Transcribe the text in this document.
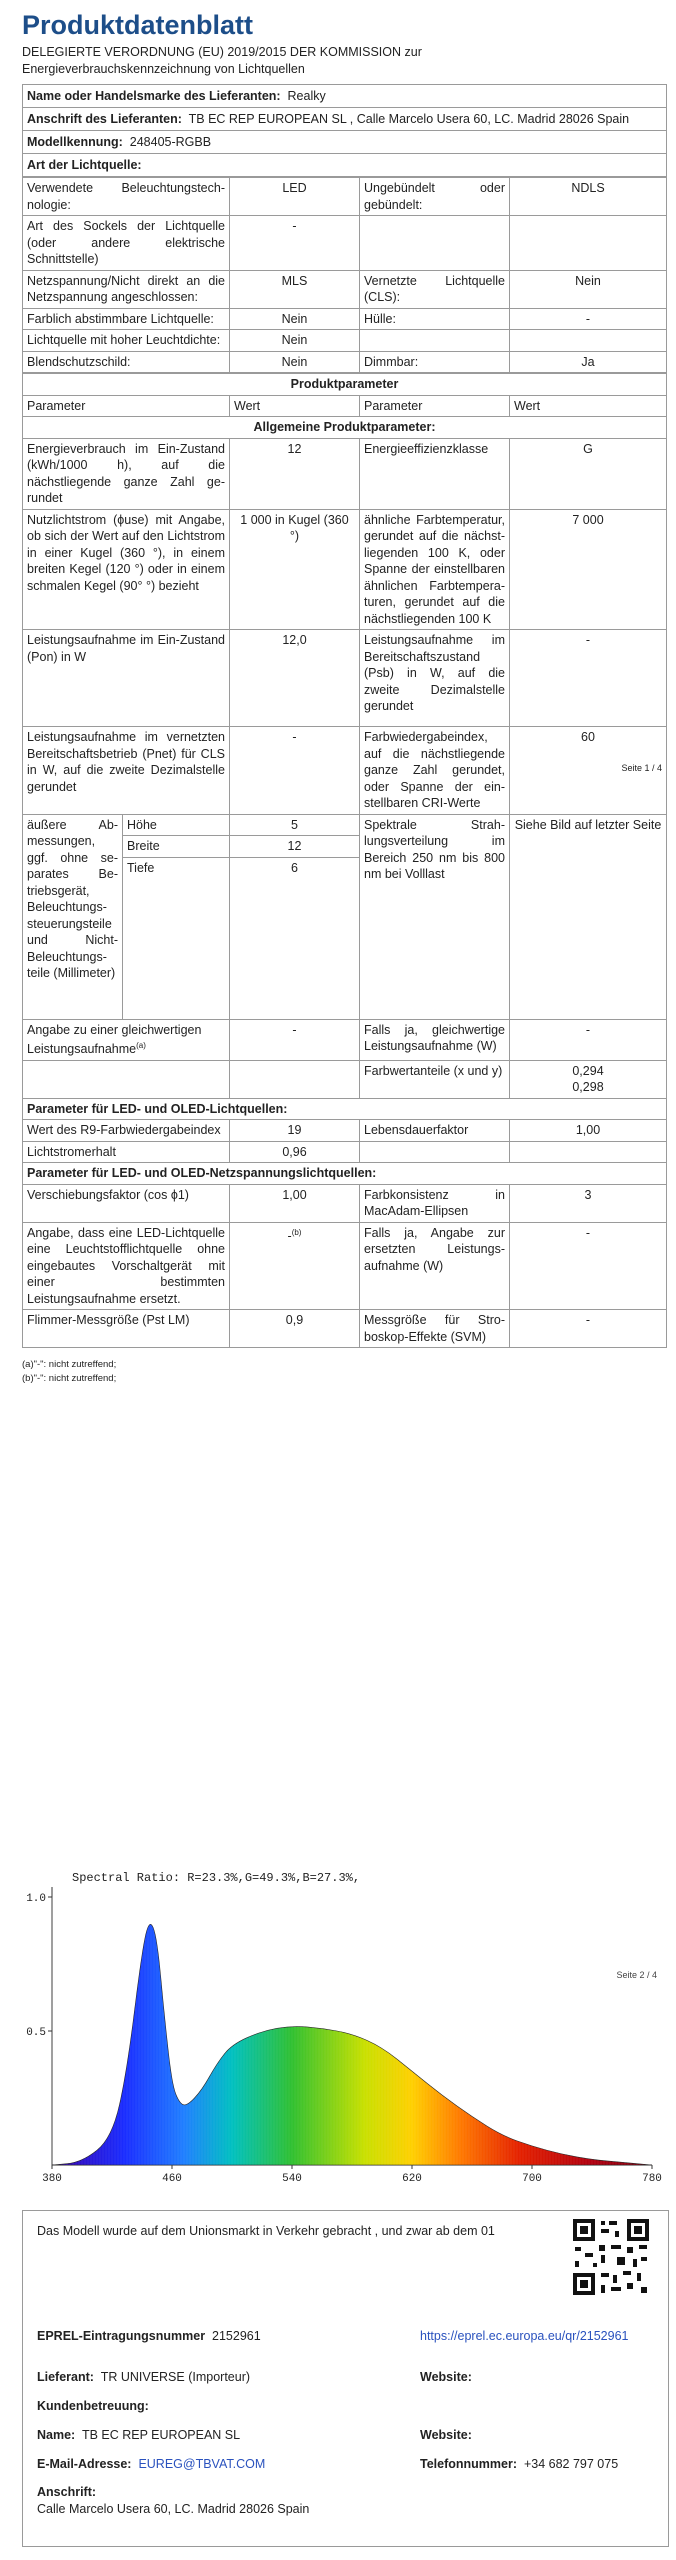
Produktdatenblatt
DELEGIERTE VERORDNUNG (EU) 2019/2015 DER KOMMISSION zur Energieverbrauchskennzeichnung von Lichtquellen
Name oder Handelsmarke des Lieferanten: Realky
Anschrift des Lieferanten: TB EC REP EUROPEAN SL , Calle Marcelo Usera 60, LC. Madrid 28026 Spain
Modellkennung: 248405-RGBB
Art der Lichtquelle:
Verwendete Beleuchtungstechnologie:	LED	Ungebündelt oder gebündelt:	NDLS
Art des Sockels der Lichtquelle (oder andere elektrische Schnittstelle)	-		
Netzspannung/Nicht direkt an die Netzspannung angeschlossen:	MLS	Vernetzte Lichtquelle (CLS):	Nein
Farblich abstimmbare Lichtquelle:	Nein	Hülle:	-
Lichtquelle mit hoher Leuchtdichte:	Nein		
Blendschutzschild:	Nein	Dimmbar:	Ja
Produktparameter				
Parameter		Wert	Parameter	Wert
Allgemeine Produktparameter:				
Energieverbrauch im Ein-Zustand (kWh/1000 h), auf die nächstliegende ganze Zahl gerundet		12	Energieeffizienzklasse	G
Nutzlichtstrom (ϕuse) mit Angabe, ob sich der Wert auf den Lichtstrom in einer Kugel (360 °), in einem breiten Kegel (120 °) oder in einem schmalen Kegel (90° °) bezieht		1 000 in Kugel (360 °)	ähnliche Farbtemperatur, gerundet auf die nächstliegenden 100 K, oder Spanne der einstellbaren ähnlichen Farbtemperaturen, gerundet auf die nächstliegenden 100 K	7 000
Leistungsaufnahme im Ein-Zustand (Pon) in W		12,0	Leistungsaufnahme im Bereitschaftszustand (Psb) in W, auf die zweite Dezimalstelle gerundet	-
Leistungsaufnahme im vernetzten Bereitschaftsbetrieb (Pnet) für CLS in W, auf die zweite Dezimalstelle gerundet		-	Farbwiedergabeindex, auf die nächstliegende ganze Zahl gerundet, oder Spanne der einstellbaren CRI-Werte	60
Seite 1 / 4

äußere Abmessungen, ggf. ohne separates Betriebsgerät, Beleuchtungssteuerungsteile und Nicht-Beleuchtungsteile (Millimeter)	Höhe	5	Spektrale Strahlungsverteilung im Bereich 250 nm bis 800 nm bei Volllast	Siehe Bild auf letzter Seite
	Breite	12		
	Tiefe	6		
Angabe zu einer gleichwertigen Leistungsaufnahme$^{(a)}$		-	Falls ja, gleichwertige Leistungsaufnahme (W)	-
			Farbwertanteile (x und y)	0,294
0,298

Parameter für LED- und OLED-Lichtquellen:				
Wert des R9-Farbwiedergabeindex		19	Lebensdauerfaktor	1,00
Lichtstromerhalt		0,96		
Parameter für LED- und OLED-Netzspannungslichtquellen:				
Verschiebungsfaktor (cos ϕ1)		1,00	Farbkonsistenz in MacAdam-Ellipsen	3
Angabe, dass eine LED-Lichtquelle eine Leuchtstofflichtquelle ohne eingebautes Vorschaltgerät mit einer bestimmten Leistungsaufnahme ersetzt.		-$^{(b)}$	Falls ja, Angabe zur ersetzten Leistungsaufnahme (W)	-
Flimmer-Messgröße (Pst LM)		0,9	Messgröße für Stroboskop-Effekte (SVM)	-
(a)"-": nicht zutreffend;
(b)"-": nicht zutreffend;
Seite 2 / 4
380	460	540	620	700	780
0.5
1.0
Spectral Ratio: R=23.3%,G=49.3%,B=27.3%,
Das Modell wurde auf dem Unionsmarkt in Verkehr gebracht , und zwar ab dem 01
EPREL-Eintragungsnummer 2152961	https://eprel.ec.europa.eu/qr/2152961
Lieferant: TR UNIVERSE (Importeur)	Website:
Kundenbetreuung:
Name: TB EC REP EUROPEAN SL	Website:
E-Mail-Adresse: EUREG@TBVAT.COM	Telefonnummer: +34 682 797 075
Anschrift:
Calle Marcelo Usera 60, LC. Madrid 28026 Spain
